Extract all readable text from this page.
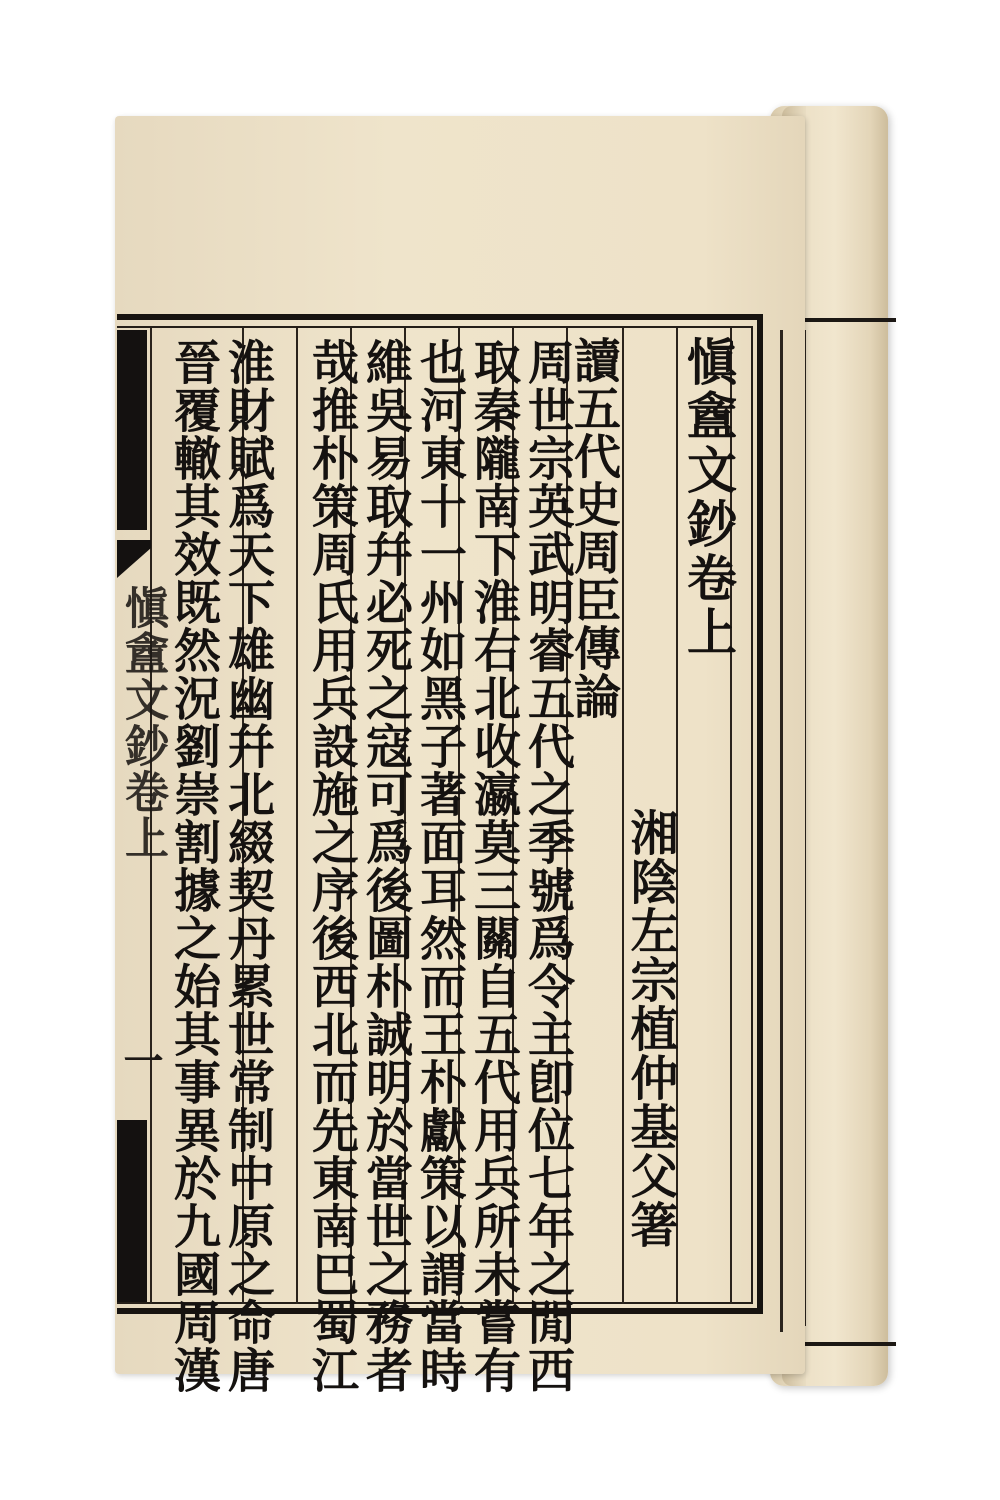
愼盦文鈔卷上
湘陰左宗植仲基父箸
讀五代史周臣傳論
周世宗英武明睿五代之季號爲令主卽位七年之閒西
取秦隴南下淮右北收瀛莫三關自五代用兵所未嘗有
也河東十一州如黑子著面耳然而王朴獻策以謂當時
維吳易取幷必死之寇可爲後圖朴誠明於當世之務者
哉推朴策周氏用兵設施之序後西北而先東南巴蜀江
淮財賦爲天下雄幽幷北綴契丹累世常制中原之命唐
晉覆轍其效既然況劉崇割據之始其事異於九國周漢
愼盦文鈔卷上
一
